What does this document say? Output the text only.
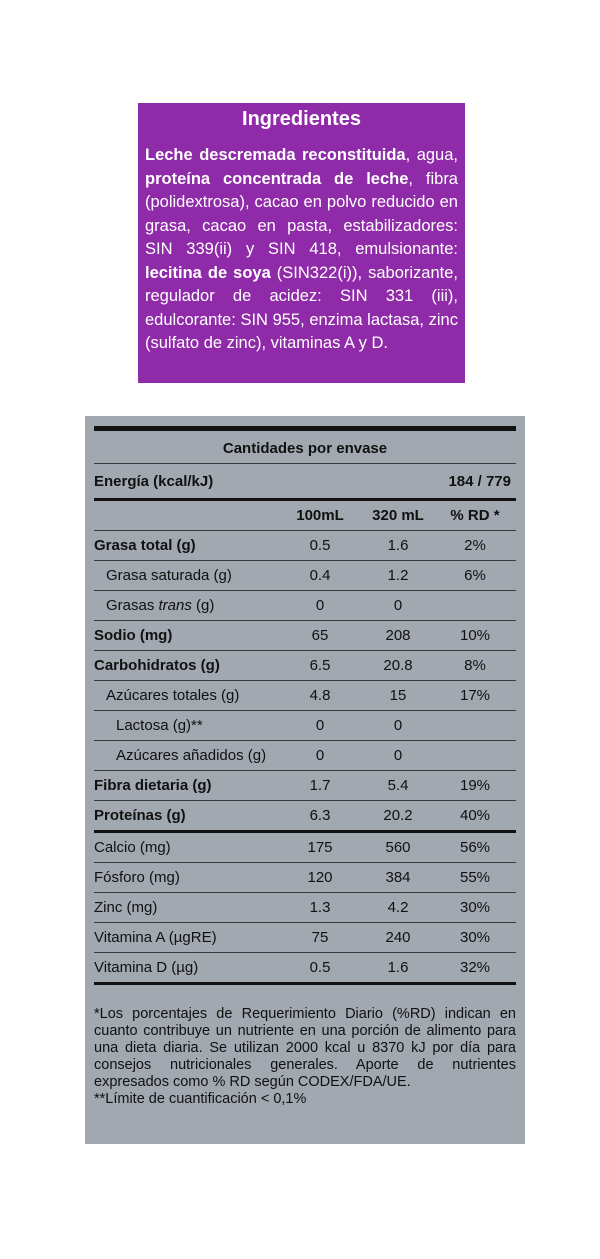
Ingredientes
Leche descremada reconstituida, agua, proteína concentrada de leche, fibra (polidextrosa), cacao en polvo reducido en grasa, cacao en pasta, estabilizadores: SIN 339(ii) y SIN 418, emulsionante: lecitina de soya (SIN322(i)), saborizante, regulador de acidez: SIN 331 (iii), edulcorante: SIN 955, enzima lactasa, zinc (sulfato de zinc), vitaminas A y D.
Cantidades por envase
Energía (kcal/kJ)	184 / 779
100mL	320 mL	% RD *
Grasa total (g)	0.5	1.6	2%
Grasa saturada (g)	0.4	1.2	6%
Grasas trans (g)	0	0
Sodio (mg)	65	208	10%
Carbohidratos (g)	6.5	20.8	8%
Azúcares totales (g)	4.8	15	17%
Lactosa (g)**	0	0
Azúcares añadidos (g)	0	0
Fibra dietaria (g)	1.7	5.4	19%
Proteínas (g)	6.3	20.2	40%
Calcio (mg)	175	560	56%
Fósforo (mg)	120	384	55%
Zinc (mg)	1.3	4.2	30%
Vitamina A (µgRE)	75	240	30%
Vitamina D (µg)	0.5	1.6	32%

*Los porcentajes de Requerimiento Diario (%RD) indican en cuanto contribuye un nutriente en una porción de alimento para una dieta diaria. Se utilizan 2000 kcal u 8370 kJ por día para consejos nutricionales generales. Aporte de nutrientes expresados como % RD según CODEX/FDA/UE.

**Límite de cuantificación < 0,1%
